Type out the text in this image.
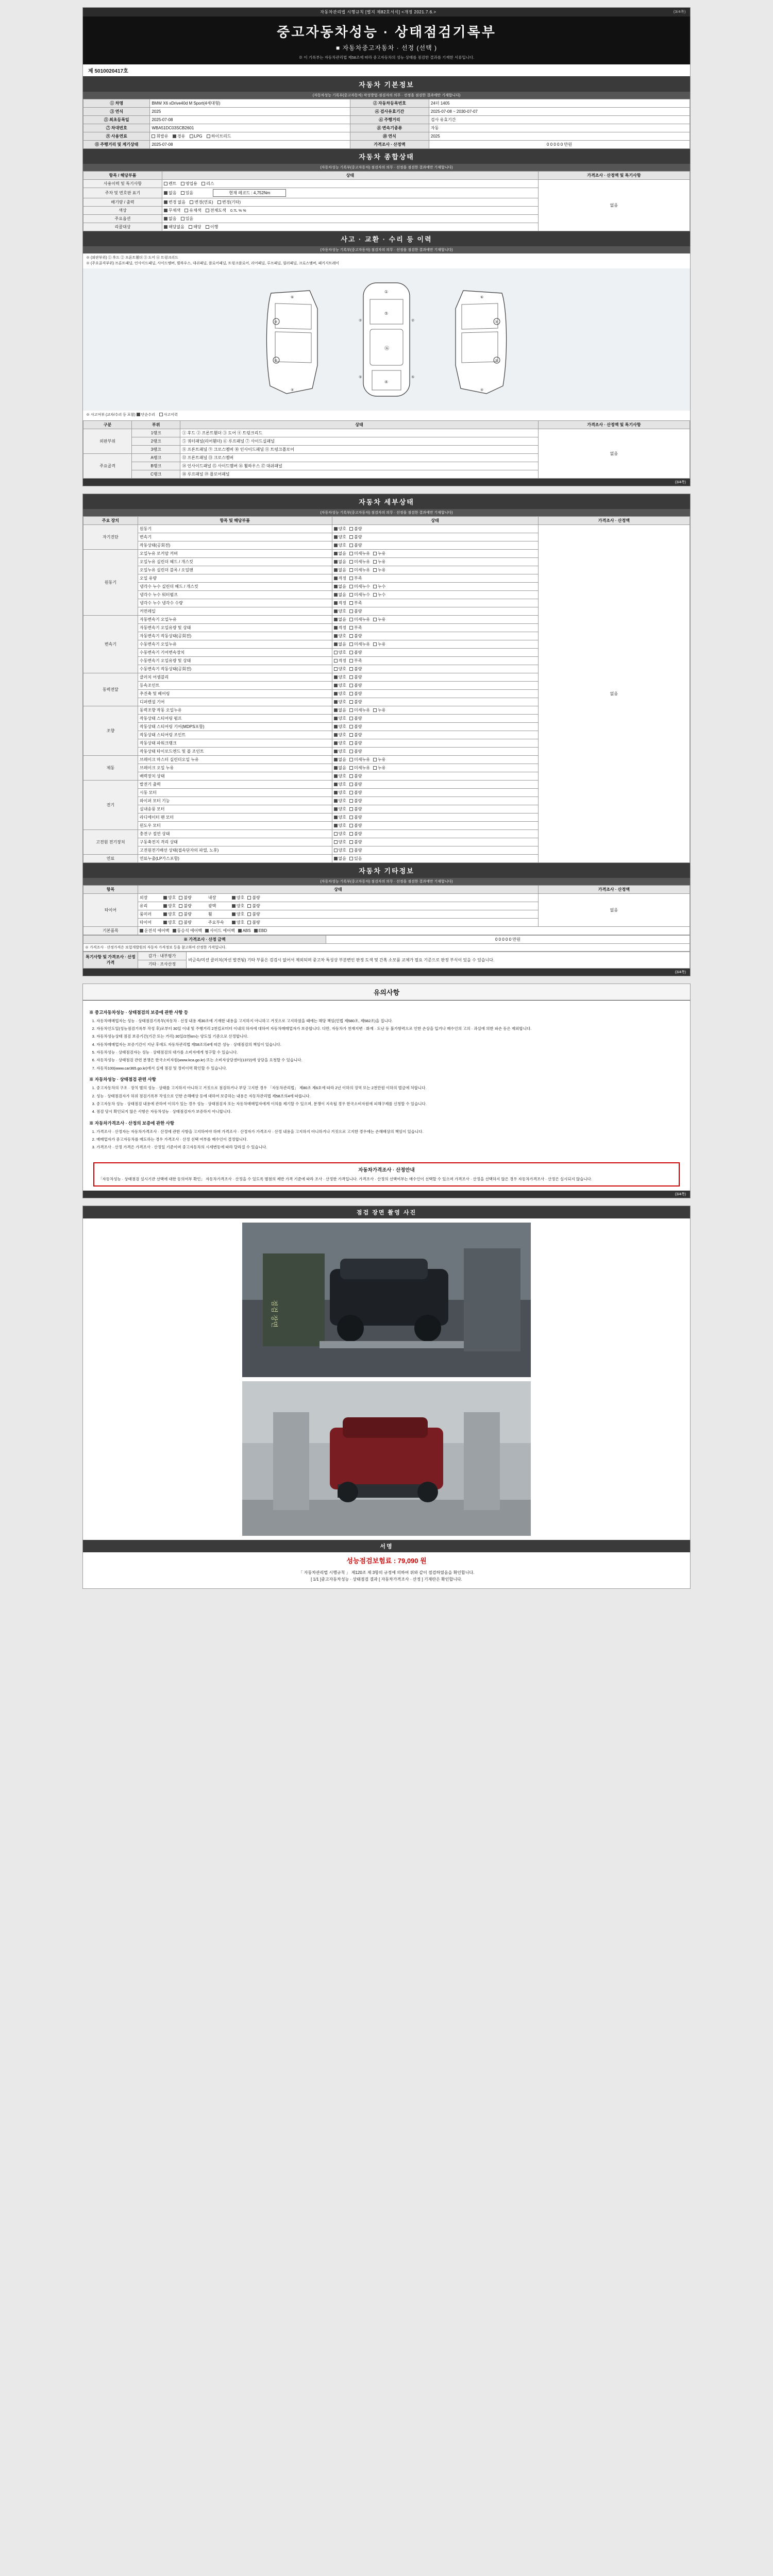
자동차관리법 시행규칙 [별지 제82호서식] <개정 2021.7.6.>	(3/4쪽)
중고자동차성능 · 상태점검기록부
■ 자동차중고자동차 · 선정 (선택 )
※ 이 기록부는 자동차관리법 제58조에 따라 중고자동차의 성능·상태를 점검한 결과를 기재한 서류입니다.
제 5010020417호
자동차 기본정보
(자동차성능 기록부(중고자동차) 작성방법·점검자의 의무 · 선정을 점검한 결과에만 기재합니다)
① 차명	BMW X6 xDrive40d M Sport(4세대형)	② 자동차등록번호	24더 1405
③ 연식	2025	④ 검사유효기간	2025-07-08 ~ 2030-07-07
⑤ 최초등록일	2025-07-08	⑥ 주행거리	검사 유효기간
⑦ 차대번호	WBA51DC03SCB2601	⑧ 변속기종류	자동
⑨ 사용연료	휘발유 경유 LPG 하이브리드	⑩ 연식	2025
⑪ 주행거리 및 계기상태	2025-07-08	가격조사 · 산정액	0 0 0 0 0 만원
자동차 종합상태
(자동차성능 기록부(중고자동차) 점검자의 의무 · 선정을 점검한 결과에만 기재합니다)
항목 / 해당부품	상태	가격조사 · 산정액 및 특기사항
사용이력 및 특기사항	렌트 영업용 리스	없음
주차 및 번호판 표기	없음 있음 현재 레코드 : 4,752Nm	
배기량 / 출력	변경 없음 변경(연료) 변경(기타)	
색상	무채색 유채색 전체도색 0.7L % %	
주요옵션	없음 있음	
리콜대상	해당없음 해당 이행	
사고 · 교환 · 수리 등 이력
(자동차성능 기록부(중고자동차) 점검자의 의무 · 선정을 점검한 결과에만 기재합니다)
※ (외판부위) ① 후드 ② 프론트휀더 ③ 도어 ④ 트렁크리드
※ (주요골격부위) 프론트패널, 인사이드패널, 사이드멤버, 휠하우스, 대쉬패널, 플로어패널, 트렁크플로어, 리어패널, 루프패널, 필러패널, 크로스멤버, 패키지트레이
③
③
⑥
④
①
⑤
⑯
④
②	②
⑤	⑤
③
③
⑥
④
※ 사고여부 (교차/수리 등 포함) 단순수리 사고이력
구분	부위	상태	가격조사 · 산정액 및 특기사항
외판부위	1랭크	① 후드 ② 프론트휀더 ③ 도어 ④ 트렁크리드	없음
	2랭크	⑤ 쿼터패널(리어휀더) ⑥ 루프패널 ⑦ 사이드실패널	
	3랭크	⑧ 프론트패널 ⑨ 크로스멤버 ⑩ 인사이드패널 ⑪ 트렁크플로어	
주요골격	A랭크	⑫ 프론트패널 ⑬ 크로스멤버	
	B랭크	⑭ 인사이드패널 ⑮ 사이드멤버 ⑯ 휠하우스 ⑰ 대쉬패널	
	C랭크	⑱ 루프패널 ⑲ 플로어패널	
(3/4쪽)
자동차 세부상태
(자동차성능 기록부(중고자동차) 점검자의 의무 · 선정을 점검한 결과에만 기재합니다)
주요 장치	항목 및 해당부품	상태	가격조사 · 산정액
자기진단	원동기	양호 불량	없음
	변속기	양호 불량	
	작동상태(공회전)	양호 불량	
원동기	오일누유 로커암 커버	없음 미세누유 누유	
	오일누유 실린더 헤드 / 개스킷	없음 미세누유 누유	
	오일누유 실린더 블록 / 오일팬	없음 미세누유 누유	
	오일 유량	적정 부족	
	냉각수 누수 실린더 헤드 / 개스킷	없음 미세누수 누수	
	냉각수 누수 워터펌프	없음 미세누수 누수	
	냉각수 누수 냉각수 수량	적정 부족	
	커먼레일	양호 불량	
변속기	자동변속기 오일누유	없음 미세누유 누유	
	자동변속기 오일유량 및 상태	적정 부족	
	자동변속기 작동상태(공회전)	양호 불량	
	수동변속기 오일누유	없음 미세누유 누유	
	수동변속기 기어변속장치	양호 불량	
	수동변속기 오일유량 및 상태	적정 부족	
	수동변속기 작동상태(공회전)	양호 불량	
동력전달	클러치 어셈블리	양호 불량	
	등속조인트	양호 불량	
	추진축 및 베어링	양호 불량	
	디퍼렌셜 기어	양호 불량	
조향	동력조향 작동 오일누유	없음 미세누유 누유	
	작동상태 스티어링 펌프	양호 불량	
	작동상태 스티어링 기어(MDPS포함)	양호 불량	
	작동상태 스티어링 조인트	양호 불량	
	작동상태 파워크랭크	양호 불량	
	작동상태 타이로드엔드 및 볼 조인트	양호 불량	
제동	브레이크 마스터 실린더오일 누유	없음 미세누유 누유	
	브레이크 오일 누유	없음 미세누유 누유	
	배력장치 상태	양호 불량	
전기	발전기 출력	양호 불량	
	시동 모터	양호 불량	
	와이퍼 모터 기능	양호 불량	
	실내송풍 모터	양호 불량	
	라디에이터 팬 모터	양호 불량	
	윈도우 모터	양호 불량	
고전원 전기장치	충전구 절연 상태	양호 불량	
	구동축전지 격리 상태	양호 불량	
	고전원전기배선 상태(접속단자의 파열, 노후)	양호 불량	
연료	연료누출(LP가스포함)	없음 있음	
자동차 기타정보
(자동차성능 기록부(중고자동차) 점검자의 의무 · 선정을 점검한 결과에만 기재합니다)
항목	상태	가격조사 · 산정액
타이어	외장 양호 불량 내장 양호 불량	없음
	유리 양호 불량 광택 양호 불량	
	룸미러 양호 불량 휠 양호 불량	
	타이어 양호 불량 주요부속 양호 불량	
기본품목	운전석 에어백 동승석 에어백 사이드 에어백 ABS EBD	
※ 가격조사 · 산정 금액	0 0 0 0 0 만원
※ 가격조사 · 산정가격은 보험개발원의 자동차 가격정보 등을 참고하여 산정한 가격입니다.
특기사항 및 가격조사 · 산정가격	감가 · 내부평가	비금속/미션 클러치(차선 발견됨) 기타 부품은 검검시 없어서 제외되며 중고차 특성상 부분변인 판정 도색 및 간혹 소모품 교체가 필요 기준으로 판정 부식이 있을 수 있습니다.
기타 · 조사산정
(3/4쪽)
유의사항
※ 중고자동차성능 · 상태점검의 보증에 관한 사항 등
1. 자동차매매업자는 성능 · 상태점검기록부(자동차 · 선정 내용 제30조에 기재한 내용을 고지하지 아니하고 거짓으로 고지하였을 때에는 해당 책임(민법 제580조, 제582조)을 집니다.
2. 자동차인도일(성능점검기록부 작성 후)로부터 30일 이내 및 주행거리 2천킬로미터 이내의 하자에 대하여 자동차매매업자가 보증합니다. 다만, 자동차가 천재지변 · 화재 · 도난 등 불가항력으로 인한 손상을 입거나 매수인의 고의 · 과실에 의한 파손 등은 제외합니다.
3. 자동차성능상태 점검 보증기간(기간 또는 거리) 30일/2천km는 양도일 기준으로 산정합니다.
4. 자동차매매업자는 보증기간이 지난 후에도 자동차관리법 제58조의4에 따른 성능 · 상태점검의 책임이 있습니다.
5. 자동차성능 · 상태점검자는 성능 · 상태점검의 대가를 소비자에게 청구할 수 있습니다.
6. 자동차성능 · 상태점검 관련 분쟁은 한국소비자원(www.kca.go.kr) 또는 소비자상담센터(1372)에 상담을 요청할 수 있습니다.
7. 자동차100(www.car365.go.kr)에서 실제 점검 및 정비이력 확인할 수 있습니다.
※ 자동차성능 · 상태점검 관련 사항
1. 중고자동차의 구조 · 장치 별의 성능 · 상태를 고지하지 아니하고 거짓으로 점검하거나 부당 고지한 경우 「자동차관리법」 제80조 제6호에 따라 2년 이하의 징역 또는 2천만원 이하의 벌금에 처합니다.
2. 성능 · 상태점검자가 허위 점검기록부 작성으로 인한 손해배상 등에 대하여 보증하는 내용은 자동차관리법 제58조의4에 따릅니다.
3. 중고자동차 성능 · 상태점검 내용에 관하여 이의가 있는 경우 성능 · 상태점검자 또는 자동차매매업자에게 이의를 제기할 수 있으며, 분쟁이 지속될 경우 한국소비자원에 피해구제를 신청할 수 있습니다.
4. 점검 당시 확인되지 않은 사항은 자동차성능 · 상태점검자가 보증하지 아니합니다.
※ 자동차가격조사 · 산정의 보증에 관한 사항
1. 가격조사 · 산정자는 자동차가격조사 · 산정에 관한 사항을 고지하여야 하며 가격조사 · 산정자가 가격조사 · 산정 내용을 고지하지 아니하거나 거짓으로 고지한 경우에는 손해배상의 책임이 있습니다.
2. 매매업자가 중고자동차를 매도하는 경우 가격조사 · 산정 선택 여부를 매수인이 결정합니다.
3. 가격조사 · 산정 가격은 가격조사 · 산정일 기준이며 중고자동차의 시세변동에 따라 달라질 수 있습니다.
자동차가격조사 · 산정안내
「자동차성능 · 상태점검 실시기관 선택에 대한 동의여부 확인」 자동차가격조사 · 산정을 수 있도록 별첨의 제반 가격 기준에 따라 조사 · 산정한 가격입니다. 가격조사 · 산정의 선택여부는 매수인이 선택할 수 있으며 가격조사 · 산정을 선택하지 않은 경우 자동차가격조사 · 산정은 실시되지 않습니다.
(3/4쪽)
점검 장면 촬영 사진
점검 장면
서명
성능점검보험료 : 79,090 원
「 자동차관리법 시행규칙 」 제120조 제 3항의 규정에 의하여 위와 같이 점검하였음을 확인합니다.
[ 1/1 ]중고자동차성능 · 상태점검 결과 [ 자동차가격조사 · 산정 ] 기재란은 확인합니다.
